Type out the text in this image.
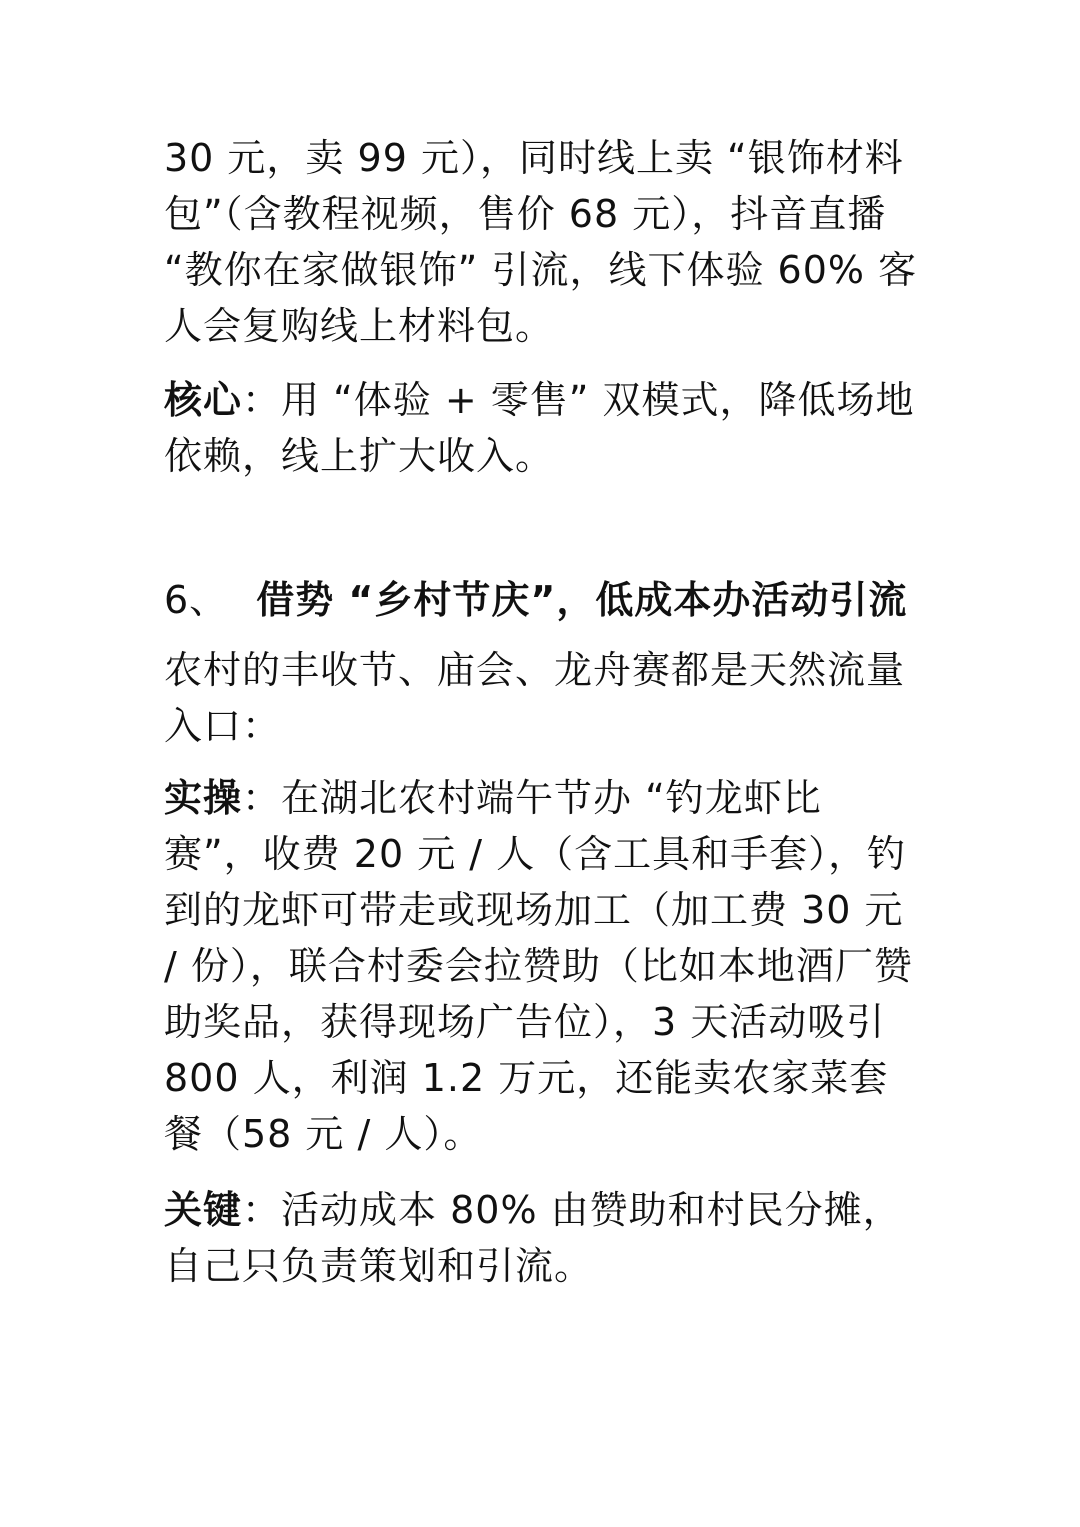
30 元，卖 99 元），同时线上卖 “银饰材料包”（含教程视频，售价 68 元），抖音直播 “教你在家做银饰” 引流，线下体验 60% 客人会复购线上材料包。

核心：用 “体验 + 零售” 双模式，降低场地依赖，线上扩大收入。

6、 借势 “乡村节庆”，低成本办活动引流

农村的丰收节、庙会、龙舟赛都是天然流量入口：

实操：在湖北农村端午节办 “钓龙虾比赛”，收费 20 元 / 人（含工具和手套），钓到的龙虾可带走或现场加工（加工费 30 元 / 份），联合村委会拉赞助（比如本地酒厂赞助奖品，获得现场广告位），3 天活动吸引 800 人，利润 1.2 万元，还能卖农家菜套餐（58 元 / 人）。

关键：活动成本 80% 由赞助和村民分摊，自己只负责策划和引流。
